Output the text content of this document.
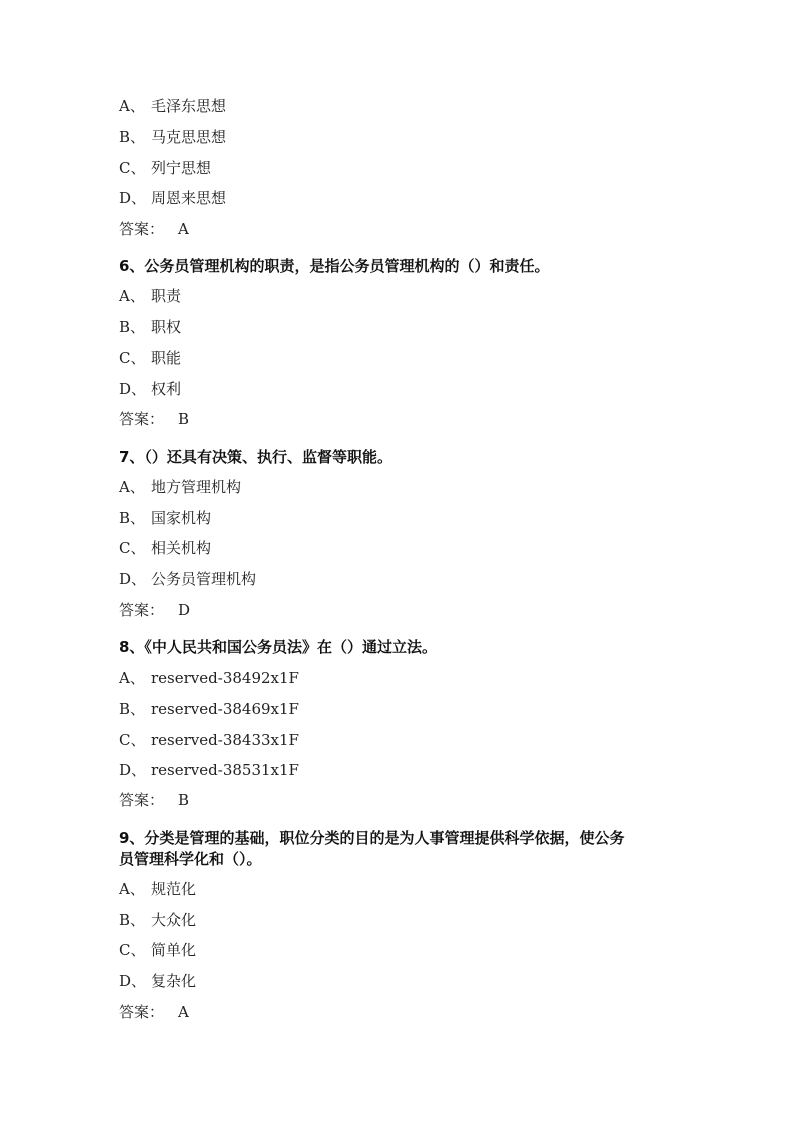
A、 毛泽东思想
B、 马克思思想
C、 列宁思想
D、 周恩来思想
答案： A
6、公务员管理机构的职责，是指公务员管理机构的（）和责任。
A、 职责
B、 职权
C、 职能
D、 权利
答案： B
7、（）还具有决策、执行、监督等职能。
A、 地方管理机构
B、 国家机构
C、 相关机构
D、 公务员管理机构
答案： D
8、《中人民共和国公务员法》在（）通过立法。
A、 reserved-38492x1F
B、 reserved-38469x1F
C、 reserved-38433x1F
D、 reserved-38531x1F
答案： B
9、分类是管理的基础，职位分类的目的是为人事管理提供科学依据，使公务
员管理科学化和（）。
A、 规范化
B、 大众化
C、 简单化
D、 复杂化
答案： A
